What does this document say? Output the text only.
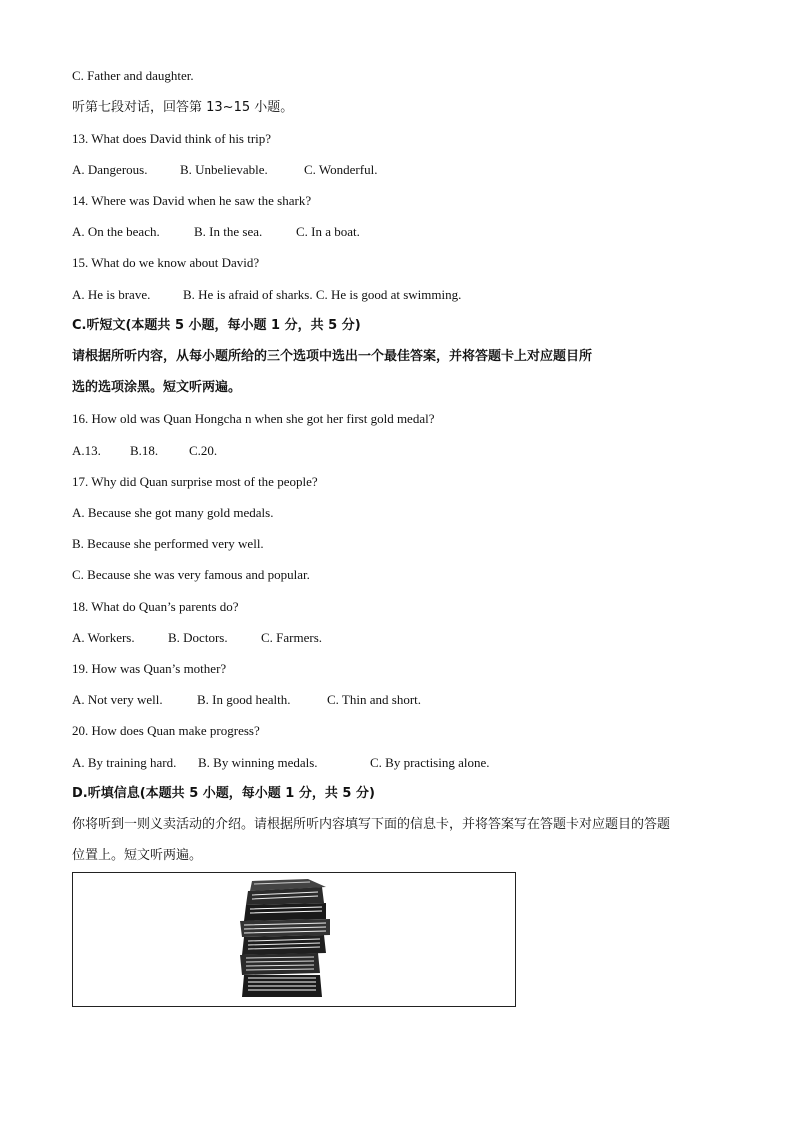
C. Father and daughter.
听第七段对话，回答第 13~15 小题。
13. What does David think of his trip?
A. Dangerous.	B. Unbelievable.	C. Wonderful.
14. Where was David when he saw the shark?
A. On the beach.	B. In the sea.	C. In a boat.
15. What do we know about David?
A. He is brave.	B. He is afraid of sharks. C. He is good at swimming.
C.听短文(本题共 5 小题，每小题 1 分，共 5 分)
请根据所听内容，从每小题所给的三个选项中选出一个最佳答案，并将答题卡上对应题目所
选的选项涂黑。短文听两遍。
16. How old was Quan Hongcha n when she got her first gold medal?
A.13. B.18. C.20.
17. Why did Quan surprise most of the people?
A. Because she got many gold medals.
B. Because she performed very well.
C. Because she was very famous and popular.
18. What do Quan’s parents do?
A. Workers.	B. Doctors.	C. Farmers.
19. How was Quan’s mother?
A. Not very well.	B. In good health.	C. Thin and short.
20. How does Quan make progress?
A. By training hard. B. By winning medals.	C. By practising alone.
D.听填信息(本题共 5 小题，每小题 1 分，共 5 分)
你将听到一则义卖活动的介绍。请根据所听内容填写下面的信息卡，并将答案写在答题卡对应题目的答题
位置上。短文听两遍。
